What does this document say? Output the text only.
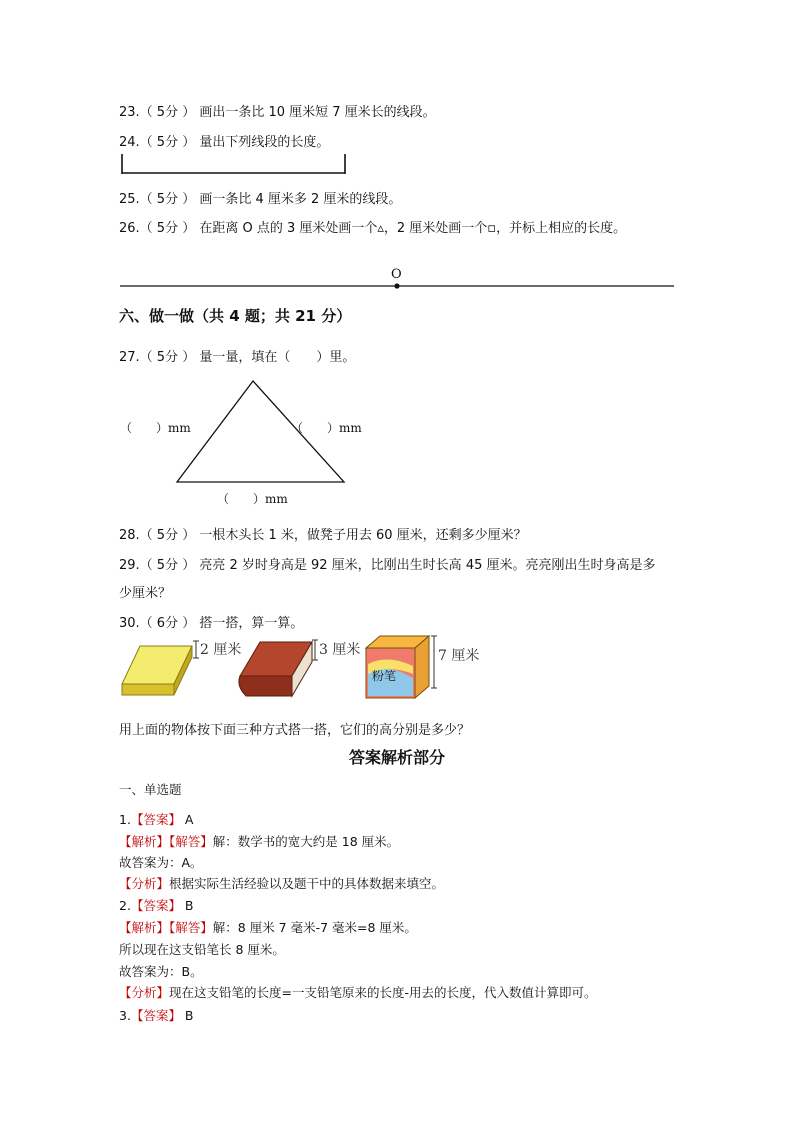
23.（ 5分 ） 画出一条比 10 厘米短 7 厘米长的线段。
24.（ 5分 ） 量出下列线段的长度。
25.（ 5分 ） 画一条比 4 厘米多 2 厘米的线段。
26.（ 5分 ） 在距离 O 点的 3 厘米处画一个▵，2 厘米处画一个▫，并标上相应的长度。
O
六、做一做（共 4 题；共 21 分）
27.（ 5分 ） 量一量，填在（　　）里。
（　　）mm	（　　）mm
（　　）mm
28.（ 5分 ） 一根木头长 1 米，做凳子用去 60 厘米，还剩多少厘米？
29.（ 5分 ） 亮亮 2 岁时身高是 92 厘米，比刚出生时长高 45 厘米。亮亮刚出生时身高是多
少厘米？
30.（ 6分 ） 搭一搭，算一算。
2 厘米	3 厘米
粉笔
7 厘米
用上面的物体按下面三种方式搭一搭，它们的高分别是多少？
答案解析部分
一、单选题
1.【答案】 A
【解析】【解答】解：数学书的宽大约是 18 厘米。
故答案为：A。
【分析】根据实际生活经验以及题干中的具体数据来填空。
2.【答案】 B
【解析】【解答】解：8 厘米 7 毫米-7 毫米=8 厘米。
所以现在这支铅笔长 8 厘米。
故答案为：B。
【分析】现在这支铅笔的长度=一支铅笔原来的长度-用去的长度，代入数值计算即可。
3.【答案】 B
